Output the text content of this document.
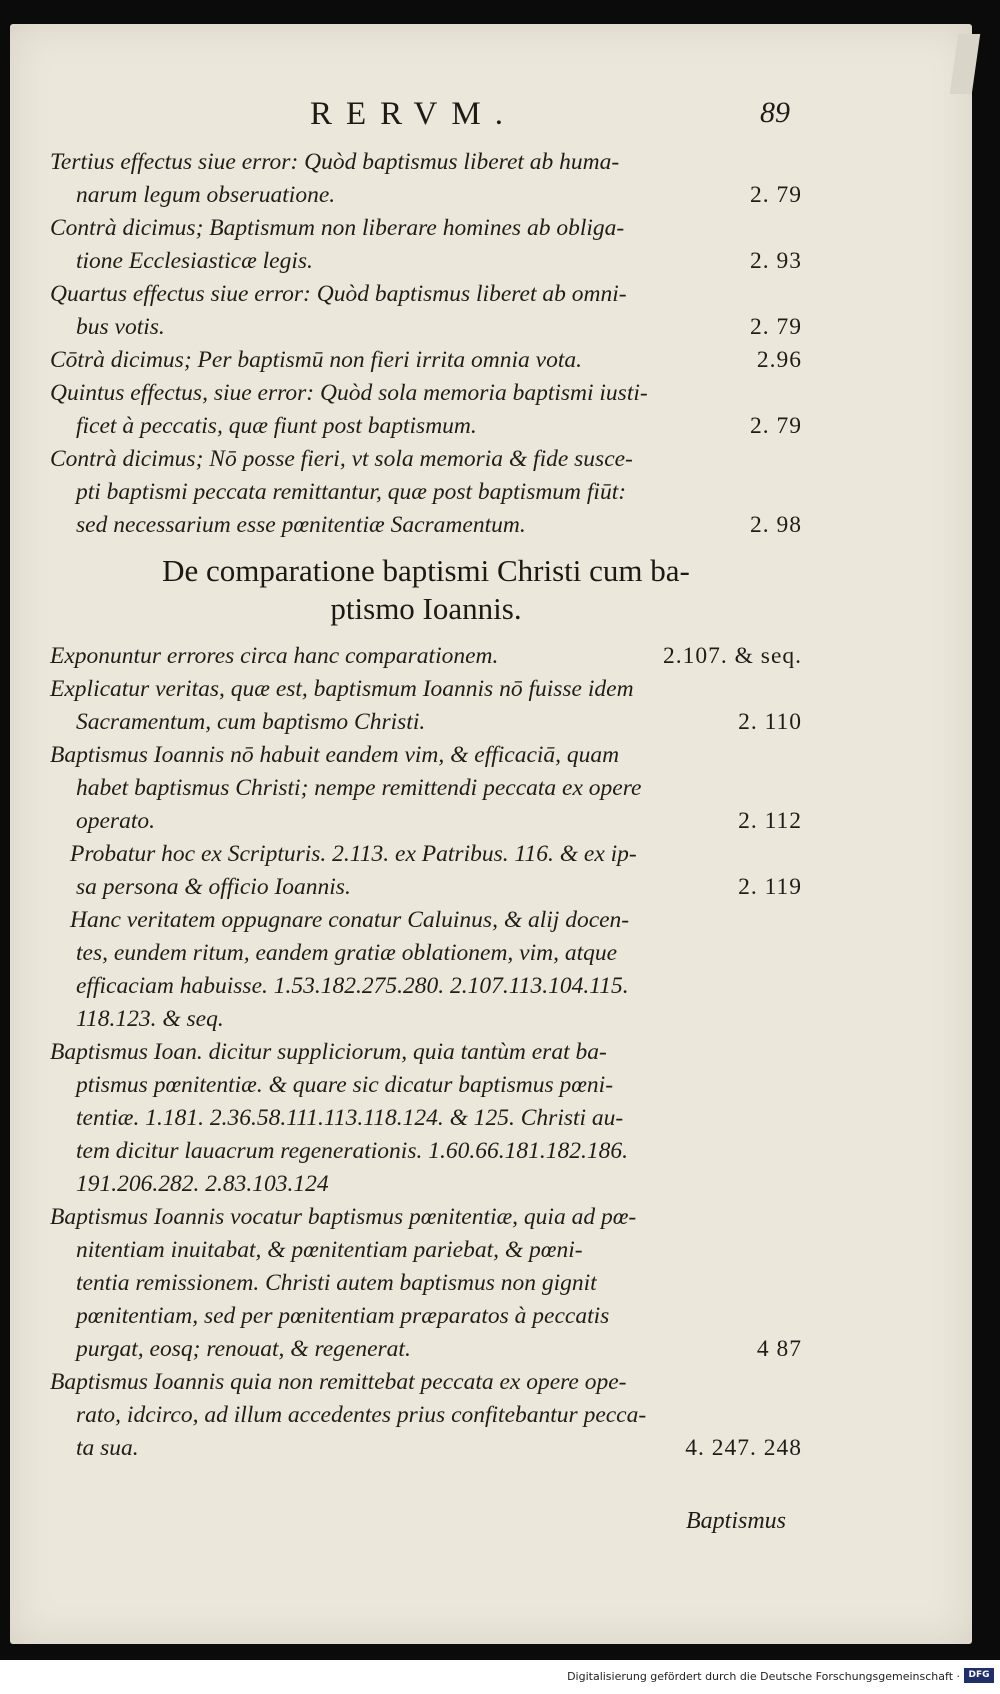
RERVM.	89
Tertius effectus siue error: Quòd baptismus liberet ab huma-
narum legum obseruatione.	2. 79
Contrà dicimus; Baptismum non liberare homines ab obliga-
tione Ecclesiasticæ legis.	2. 93
Quartus effectus siue error: Quòd baptismus liberet ab omni-
bus votis.	2. 79
Cōtrà dicimus; Per baptismū non fieri irrita omnia vota.	2.96
Quintus effectus, siue error: Quòd sola memoria baptismi iusti-
ficet à peccatis, quæ fiunt post baptismum.	2. 79
Contrà dicimus; Nō posse fieri, vt sola memoria & fide susce-
pti baptismi peccata remittantur, quæ post baptismum fiūt:
sed necessarium esse pœnitentiæ Sacramentum.	2. 98
De comparatione baptismi Christi cum ba-
ptismo Ioannis.
Exponuntur errores circa hanc comparationem.	2.107. & seq.
Explicatur veritas, quæ est, baptismum Ioannis nō fuisse idem
Sacramentum, cum baptismo Christi.	2. 110
Baptismus Ioannis nō habuit eandem vim, & efficaciā, quam
habet baptismus Christi; nempe remittendi peccata ex opere
operato.	2. 112
Probatur hoc ex Scripturis. 2.113. ex Patribus. 116. & ex ip-
sa persona & officio Ioannis.	2. 119
Hanc veritatem oppugnare conatur Caluinus, & alij docen-
tes, eundem ritum, eandem gratiæ oblationem, vim, atque
efficaciam habuisse. 1.53.182.275.280. 2.107.113.104.115.
118.123. & seq.
Baptismus Ioan. dicitur suppliciorum, quia tantùm erat ba-
ptismus pœnitentiæ. & quare sic dicatur baptismus pœni-
tentiæ. 1.181. 2.36.58.111.113.118.124. & 125. Christi au-
tem dicitur lauacrum regenerationis. 1.60.66.181.182.186.
191.206.282. 2.83.103.124
Baptismus Ioannis vocatur baptismus pœnitentiæ, quia ad pœ-
nitentiam inuitabat, & pœnitentiam pariebat, & pœni-
tentia remissionem. Christi autem baptismus non gignit
pœnitentiam, sed per pœnitentiam præparatos à peccatis
purgat, eosq; renouat, & regenerat.	4 87
Baptismus Ioannis quia non remittebat peccata ex opere ope-
rato, idcirco, ad illum accedentes prius confitebantur pecca-
ta sua.	4. 247. 248
Baptismus
Digitalisierung gefördert durch die Deutsche Forschungsgemeinschaft · DFG
